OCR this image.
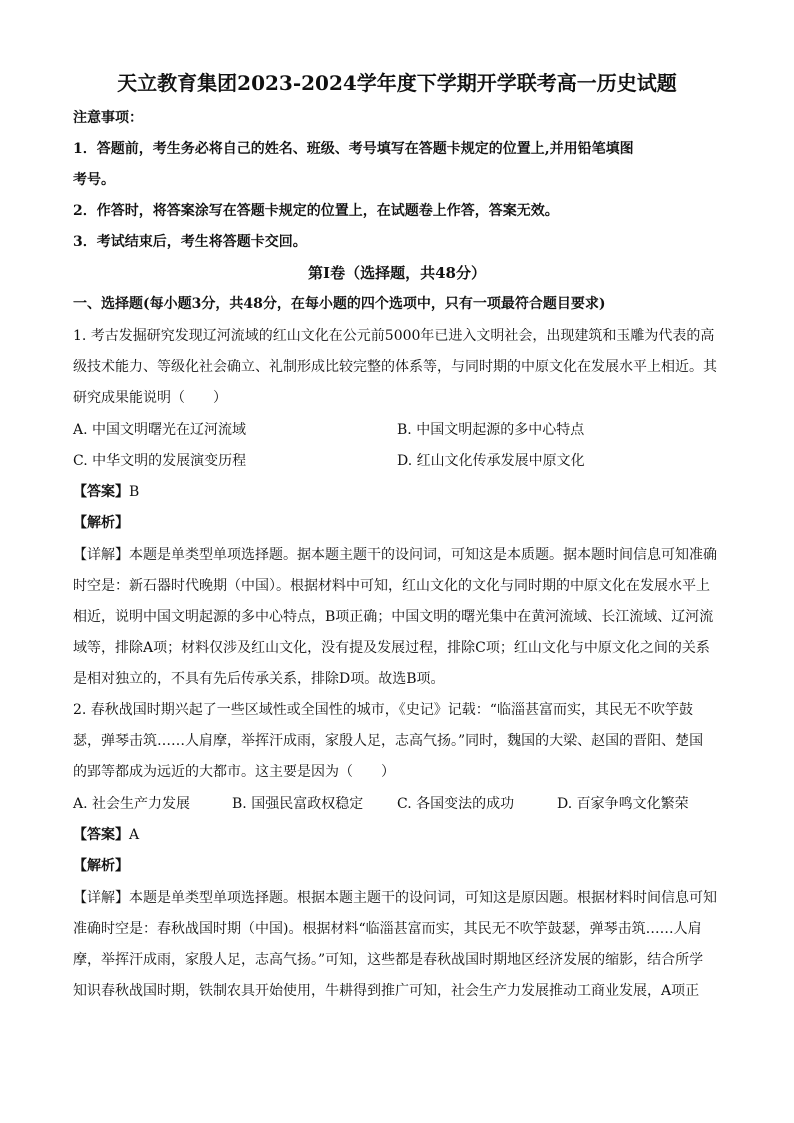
天立教育集团2023-2024学年度下学期开学联考高一历史试题
注意事项：
1．答题前，考生务必将自己的姓名、班级、考号填写在答题卡规定的位置上,并用铅笔填图
考号。
2．作答时，将答案涂写在答题卡规定的位置上，在试题卷上作答，答案无效。
3．考试结束后，考生将答题卡交回。
第Ⅰ卷（选择题，共48分）
一、选择题(每小题3分，共48分，在每小题的四个选项中，只有一项最符合题目要求)
1. 考古发掘研究发现辽河流域的红山文化在公元前5000年已进入文明社会，出现建筑和玉雕为代表的高
级技术能力、等级化社会确立、礼制形成比较完整的体系等，与同时期的中原文化在发展水平上相近。其
研究成果能说明（　　）
A. 中国文明曙光在辽河流域	B. 中国文明起源的多中心特点
C. 中华文明的发展演变历程	D. 红山文化传承发展中原文化
【答案】B
【解析】
【详解】本题是单类型单项选择题。据本题主题干的设问词，可知这是本质题。据本题时间信息可知准确
时空是：新石器时代晚期（中国）。根据材料中可知，红山文化的文化与同时期的中原文化在发展水平上
相近，说明中国文明起源的多中心特点，B项正确；中国文明的曙光集中在黄河流域、长江流域、辽河流
域等，排除A项；材料仅涉及红山文化，没有提及发展过程，排除C项；红山文化与中原文化之间的关系
是相对独立的，不具有先后传承关系，排除D项。故选B项。
2. 春秋战国时期兴起了一些区域性或全国性的城市，《史记》记载：“临淄甚富而实，其民无不吹竽鼓
瑟，弹琴击筑……人肩摩，举挥汗成雨，家殷人足，志高气扬。”同时，魏国的大梁、赵国的晋阳、楚国
的郢等都成为远近的大都市。这主要是因为（　　）
A. 社会生产力发展	B. 国强民富政权稳定 C. 各国变法的成功	D. 百家争鸣文化繁荣
【答案】A
【解析】
【详解】本题是单类型单项选择题。根据本题主题干的设问词，可知这是原因题。根据材料时间信息可知
准确时空是：春秋战国时期（中国)。根据材料“临淄甚富而实，其民无不吹竽鼓瑟，弹琴击筑……人肩
摩，举挥汗成雨，家殷人足，志高气扬。”可知，这些都是春秋战国时期地区经济发展的缩影，结合所学
知识春秋战国时期，铁制农具开始使用，牛耕得到推广可知，社会生产力发展推动工商业发展，A项正
